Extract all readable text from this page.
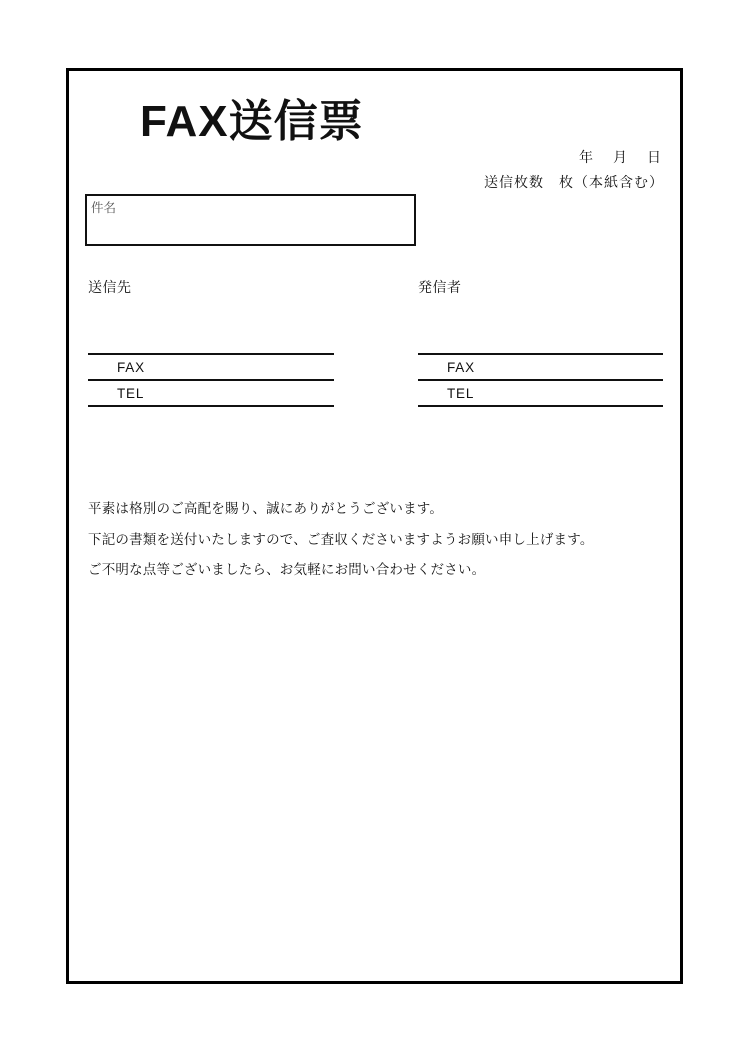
FAX送信票
年　月　日
送信枚数 枚（本紙含む）
件名
送信先
FAX
TEL
発信者
FAX
TEL

平素は格別のご高配を賜り、誠にありがとうございます。

下記の書類を送付いたしますので、ご査収くださいますようお願い申し上げます。

ご不明な点等ございましたら、お気軽にお問い合わせください。
